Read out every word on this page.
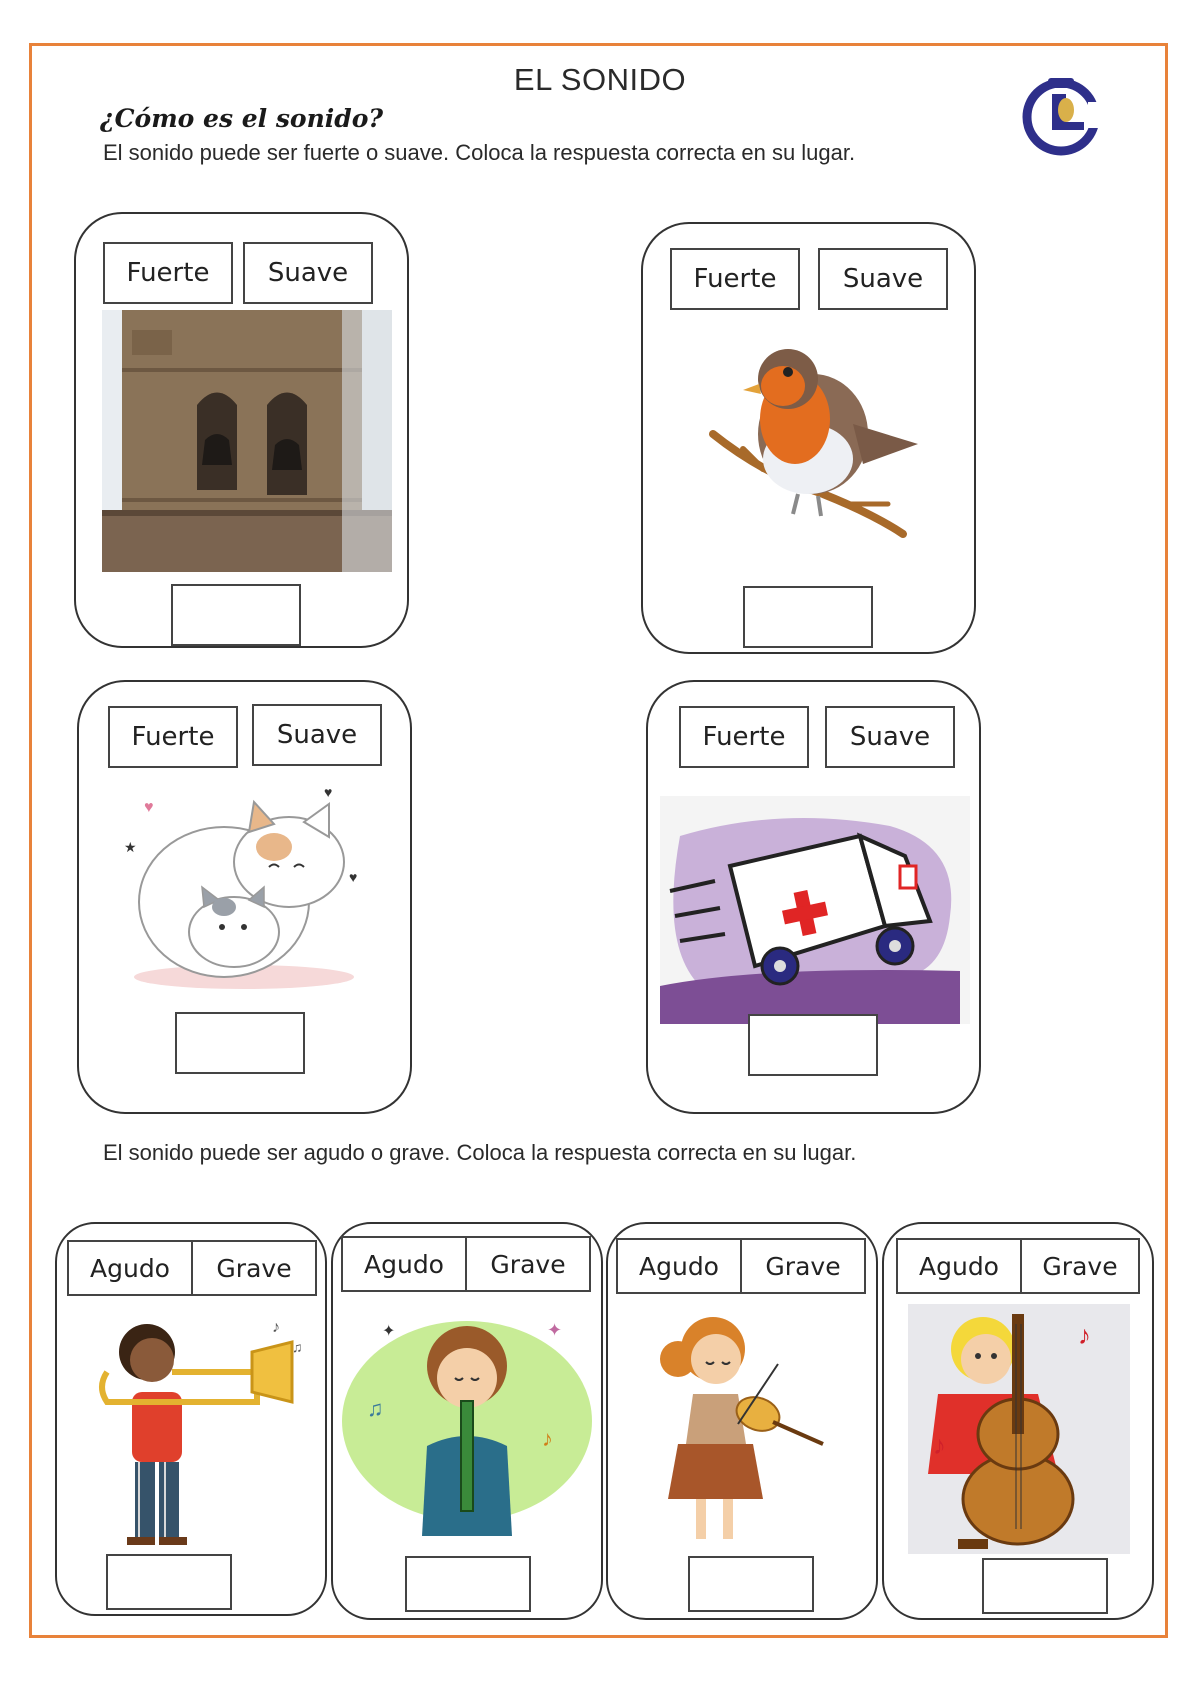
EL SONIDO
¿Cómo es el sonido?
El sonido puede ser fuerte o suave. Coloca la respuesta correcta en su lugar.
Fuerte	Suave	Fuerte	Suave
Fuerte	Suave
♥
♥
★
♥
Fuerte	Suave
El sonido puede ser agudo o grave. Coloca la respuesta correcta en su lugar.
Agudo	Grave
♪
♫
Agudo	Grave
♫
♪
✦
✦
Agudo	Grave	Agudo	Grave
♪
♪
